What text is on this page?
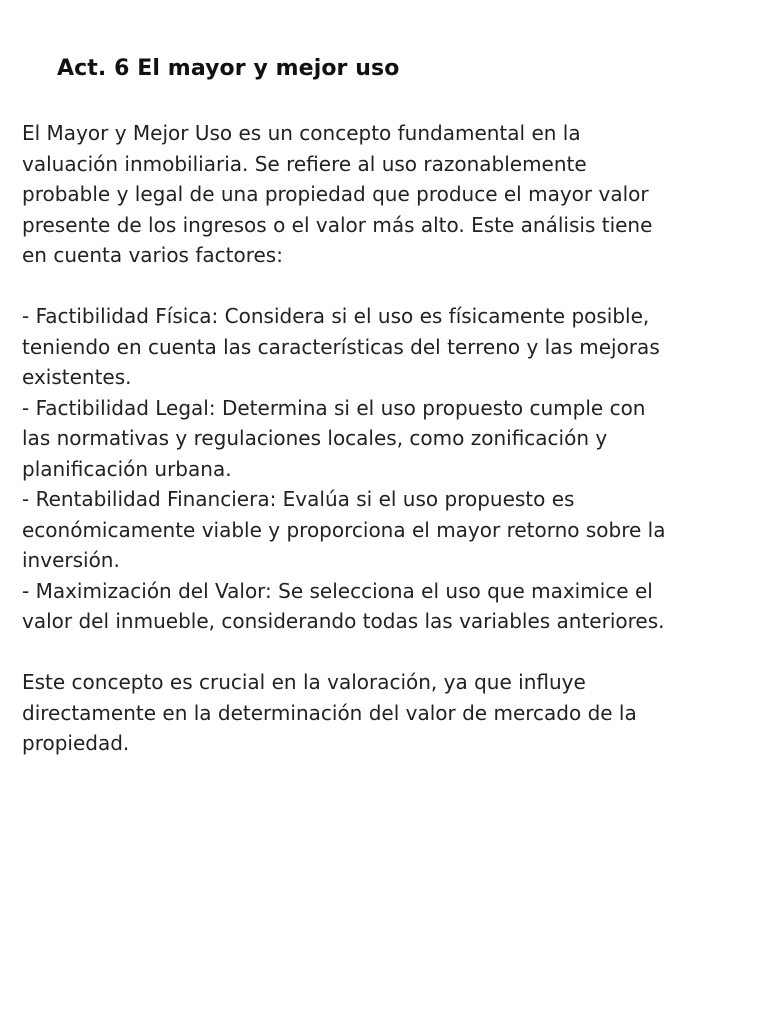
Act. 6 El mayor y mejor uso

El Mayor y Mejor Uso es un concepto fundamental en la
valuación inmobiliaria. Se refiere al uso razonablemente
probable y legal de una propiedad que produce el mayor valor
presente de los ingresos o el valor más alto. Este análisis tiene
en cuenta varios factores:

- Factibilidad Física: Considera si el uso es físicamente posible,
teniendo en cuenta las características del terreno y las mejoras
existentes.
- Factibilidad Legal: Determina si el uso propuesto cumple con
las normativas y regulaciones locales, como zonificación y
planificación urbana.
- Rentabilidad Financiera: Evalúa si el uso propuesto es
económicamente viable y proporciona el mayor retorno sobre la
inversión.
- Maximización del Valor: Se selecciona el uso que maximice el
valor del inmueble, considerando todas las variables anteriores.

Este concepto es crucial en la valoración, ya que influye
directamente en la determinación del valor de mercado de la
propiedad.
